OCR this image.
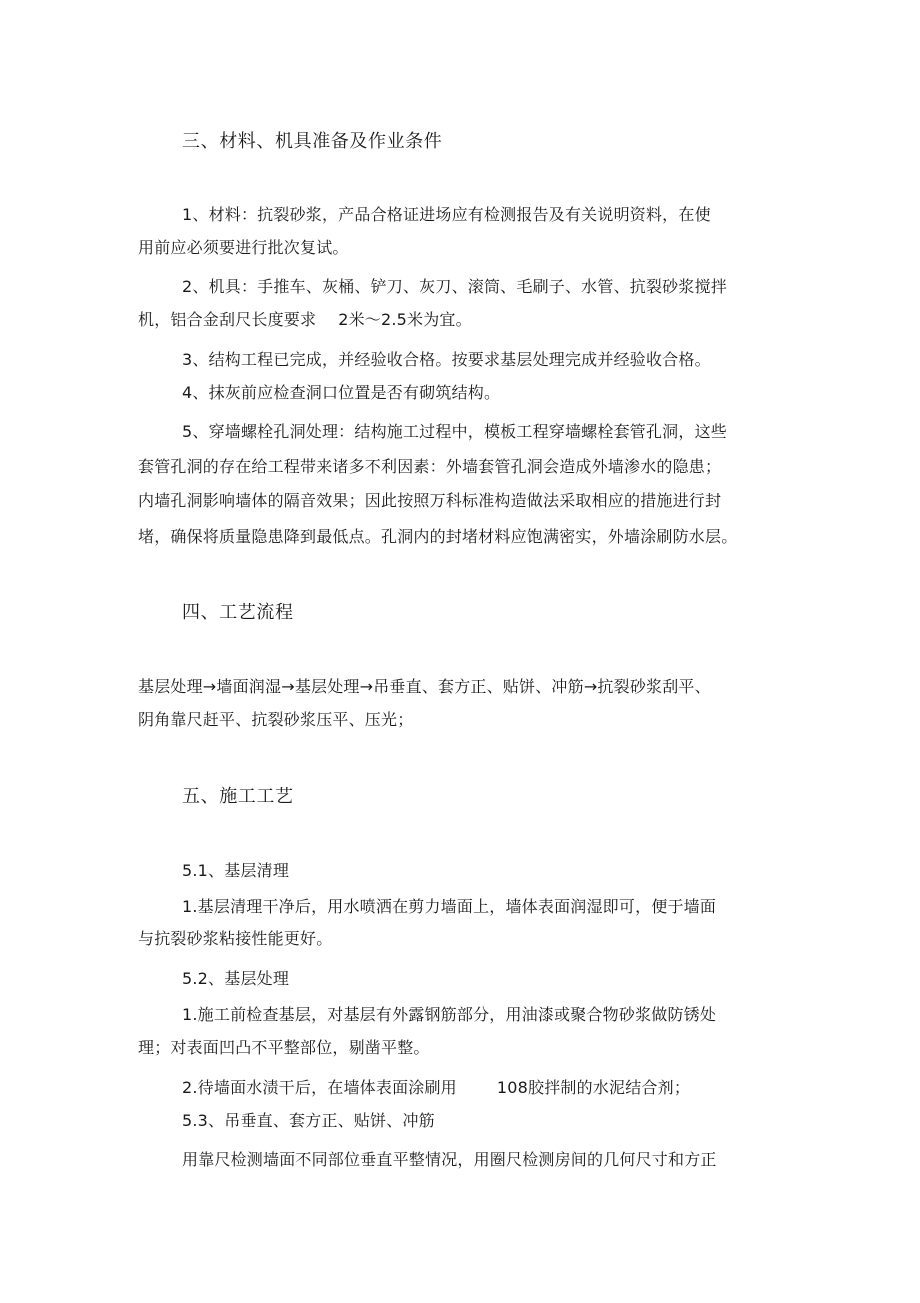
三、材料、机具准备及作业条件
1、材料：抗裂砂浆，产品合格证进场应有检测报告及有关说明资料，在使
用前应必须要进行批次复试。
2、机具：手推车、灰桶、铲刀、灰刀、滚筒、毛刷子、水管、抗裂砂浆搅拌
机，铝合金刮尺长度要求 2米～2.5米为宜。
3、结构工程已完成，并经验收合格。按要求基层处理完成并经验收合格。
4、抹灰前应检查洞口位置是否有砌筑结构。
5、穿墙螺栓孔洞处理：结构施工过程中，模板工程穿墙螺栓套管孔洞，这些
套管孔洞的存在给工程带来诸多不利因素：外墙套管孔洞会造成外墙渗水的隐患；
内墙孔洞影响墙体的隔音效果；因此按照万科标准构造做法采取相应的措施进行封
堵，确保将质量隐患降到最低点。孔洞内的封堵材料应饱满密实，外墙涂刷防水层。
四、工艺流程
基层处理→墙面润湿→基层处理→吊垂直、套方正、贴饼、冲筋→抗裂砂浆刮平、
阴角靠尺赶平、抗裂砂浆压平、压光；
五、施工工艺
5.1、基层清理
1.基层清理干净后，用水喷洒在剪力墙面上，墙体表面润湿即可，便于墙面
与抗裂砂浆粘接性能更好。
5.2、基层处理
1.施工前检查基层，对基层有外露钢筋部分，用油漆或聚合物砂浆做防锈处
理；对表面凹凸不平整部位，剔凿平整。
2.待墙面水渍干后，在墙体表面涂刷用	108胶拌制的水泥结合剂；
5.3、吊垂直、套方正、贴饼、冲筋
用靠尺检测墙面不同部位垂直平整情况，用圈尺检测房间的几何尺寸和方正
